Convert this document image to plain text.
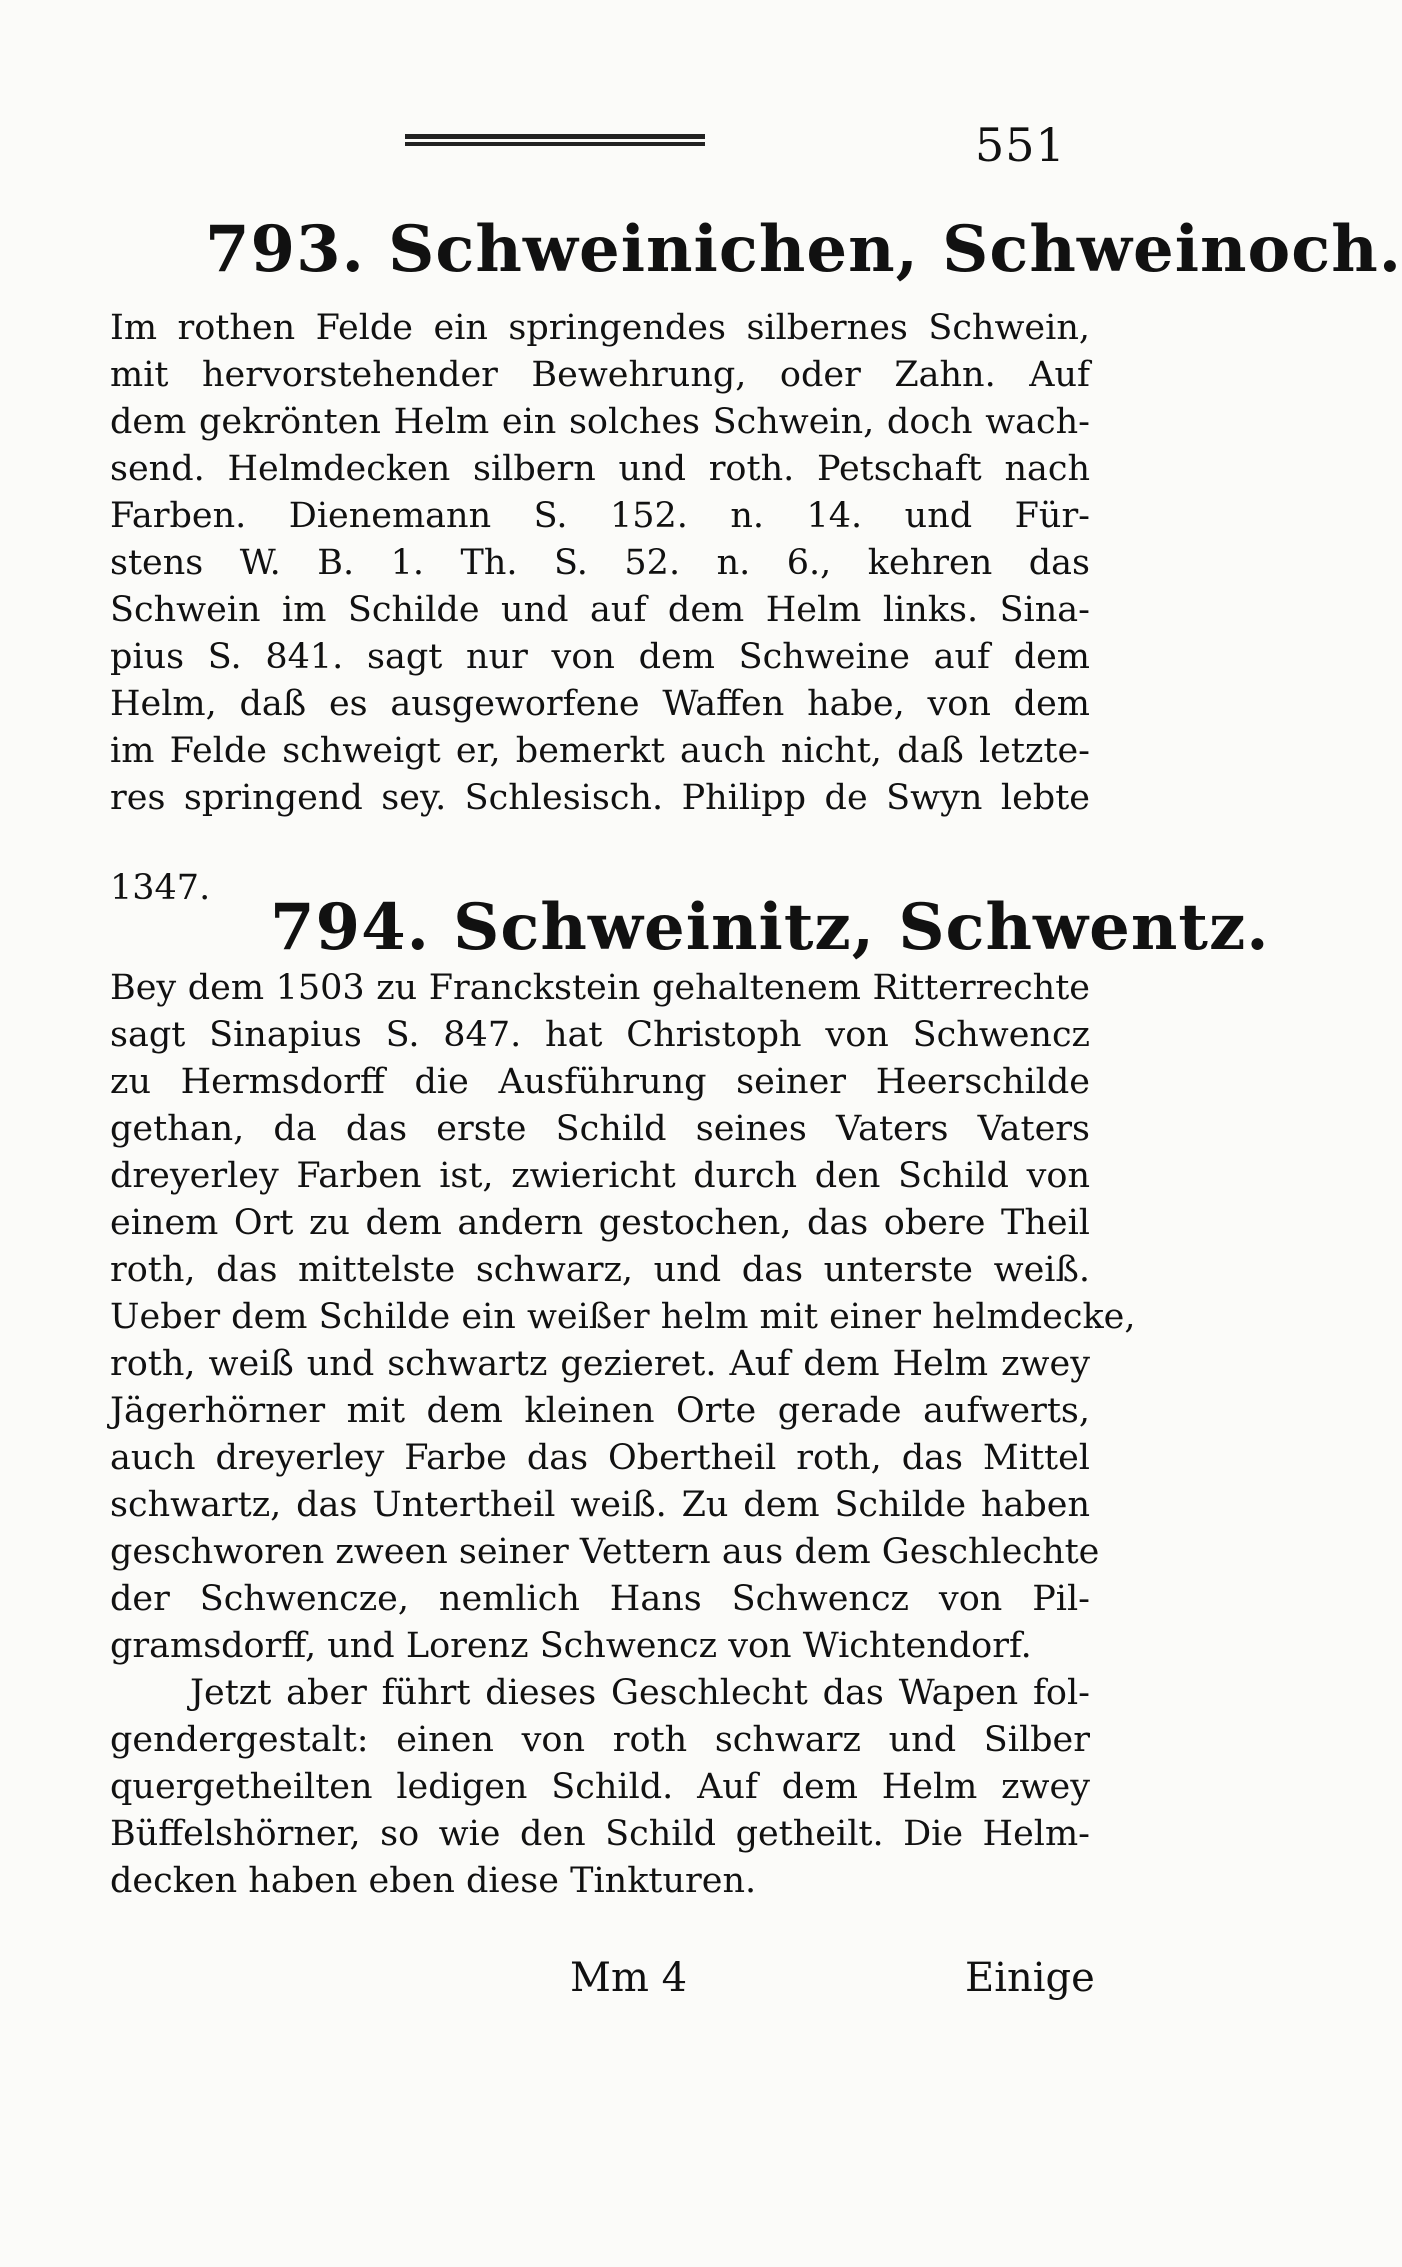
551
793. Schweinichen, Schweinoch.
Im rothen Felde ein springendes silbernes Schwein,
mit hervorstehender Bewehrung, oder Zahn. Auf
dem gekrönten Helm ein solches Schwein, doch wach-
send. Helmdecken silbern und roth. Petschaft nach
Farben. Dienemann S. 152. n. 14. und Für-
stens W. B. 1. Th. S. 52. n. 6., kehren das
Schwein im Schilde und auf dem Helm links. Sina-
pius S. 841. sagt nur von dem Schweine auf dem
Helm, daß es ausgeworfene Waffen habe, von dem
im Felde schweigt er, bemerkt auch nicht, daß letzte-
res springend sey. Schlesisch. Philipp de Swyn lebte
1347.
794. Schweinitz, Schwentz.
Bey dem 1503 zu Franckstein gehaltenem Ritterrechte
sagt Sinapius S. 847. hat Christoph von Schwencz
zu Hermsdorff die Ausführung seiner Heerschilde
gethan, da das erste Schild seines Vaters Vaters
dreyerley Farben ist, zwiericht durch den Schild von
einem Ort zu dem andern gestochen, das obere Theil
roth, das mittelste schwarz, und das unterste weiß.
Ueber dem Schilde ein weißer helm mit einer helmdecke,
roth, weiß und schwartz gezieret. Auf dem Helm zwey
Jägerhörner mit dem kleinen Orte gerade aufwerts,
auch dreyerley Farbe das Obertheil roth, das Mittel
schwartz, das Untertheil weiß. Zu dem Schilde haben
geschworen zween seiner Vettern aus dem Geschlechte
der Schwencze, nemlich Hans Schwencz von Pil-
gramsdorff, und Lorenz Schwencz von Wichtendorf.
Jetzt aber führt dieses Geschlecht das Wapen fol-
gendergestalt: einen von roth schwarz und Silber
quergetheilten ledigen Schild. Auf dem Helm zwey
Büffelshörner, so wie den Schild getheilt. Die Helm-
decken haben eben diese Tinkturen.
Mm 4	Einige
